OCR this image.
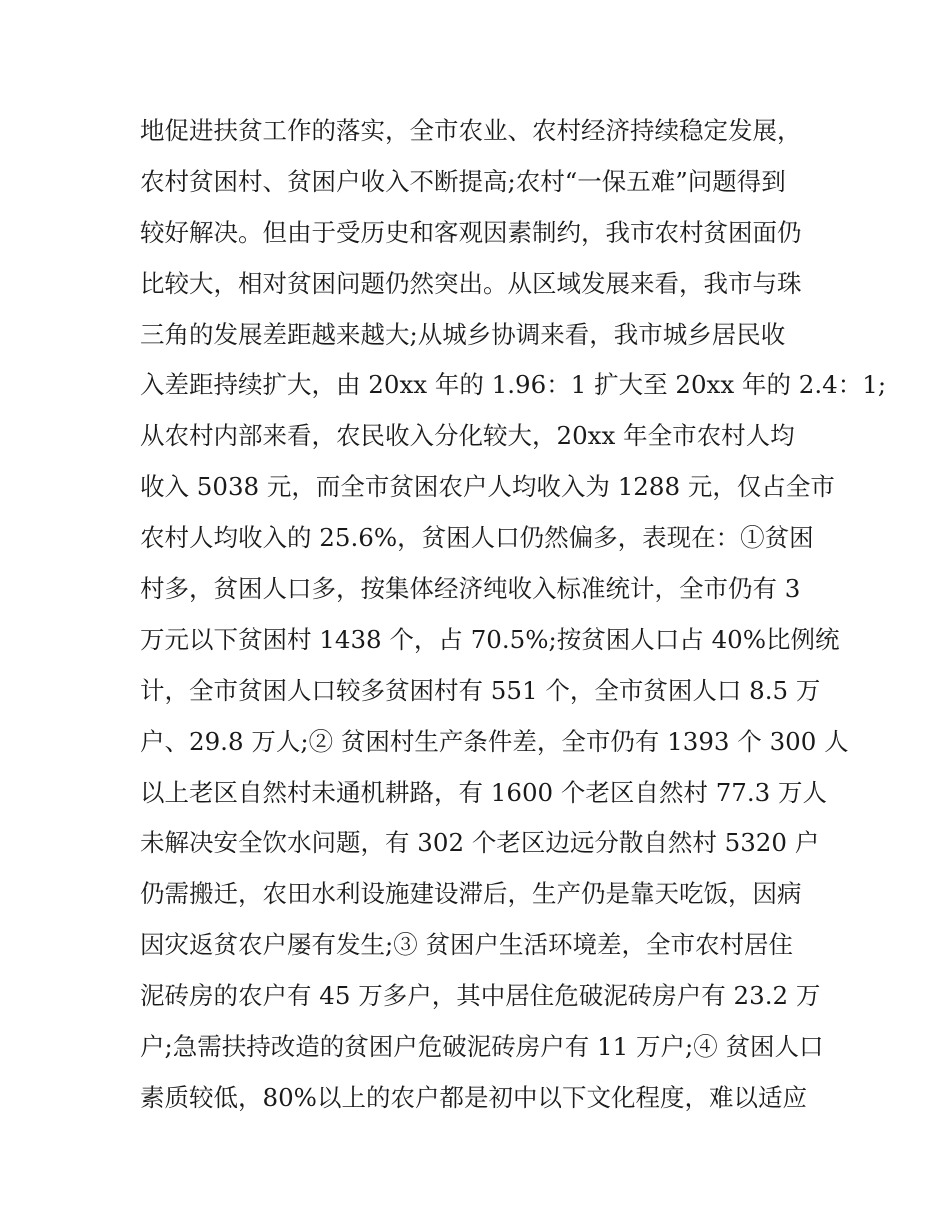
地促进扶贫工作的落实，全市农业、农村经济持续稳定发展，
农村贫困村、贫困户收入不断提高;农村“一保五难”问题得到
较好解决。但由于受历史和客观因素制约，我市农村贫困面仍
比较大，相对贫困问题仍然突出。从区域发展来看，我市与珠
三角的发展差距越来越大;从城乡协调来看，我市城乡居民收
入差距持续扩大，由 20xx 年的 1.96：1 扩大至 20xx 年的 2.4：1;
从农村内部来看，农民收入分化较大，20xx 年全市农村人均
收入 5038 元，而全市贫困农户人均收入为 1288 元，仅占全市
农村人均收入的 25.6%，贫困人口仍然偏多，表现在：①贫困
村多，贫困人口多，按集体经济纯收入标准统计，全市仍有 3
万元以下贫困村 1438 个，占 70.5%;按贫困人口占 40%比例统
计，全市贫困人口较多贫困村有 551 个，全市贫困人口 8.5 万
户、29.8 万人;② 贫困村生产条件差，全市仍有 1393 个 300 人
以上老区自然村未通机耕路，有 1600 个老区自然村 77.3 万人
未解决安全饮水问题，有 302 个老区边远分散自然村 5320 户
仍需搬迁，农田水利设施建设滞后，生产仍是靠天吃饭，因病
因灾返贫农户屡有发生;③ 贫困户生活环境差，全市农村居住
泥砖房的农户有 45 万多户，其中居住危破泥砖房户有 23.2 万
户;急需扶持改造的贫困户危破泥砖房户有 11 万户;④ 贫困人口
素质较低，80%以上的农户都是初中以下文化程度，难以适应
